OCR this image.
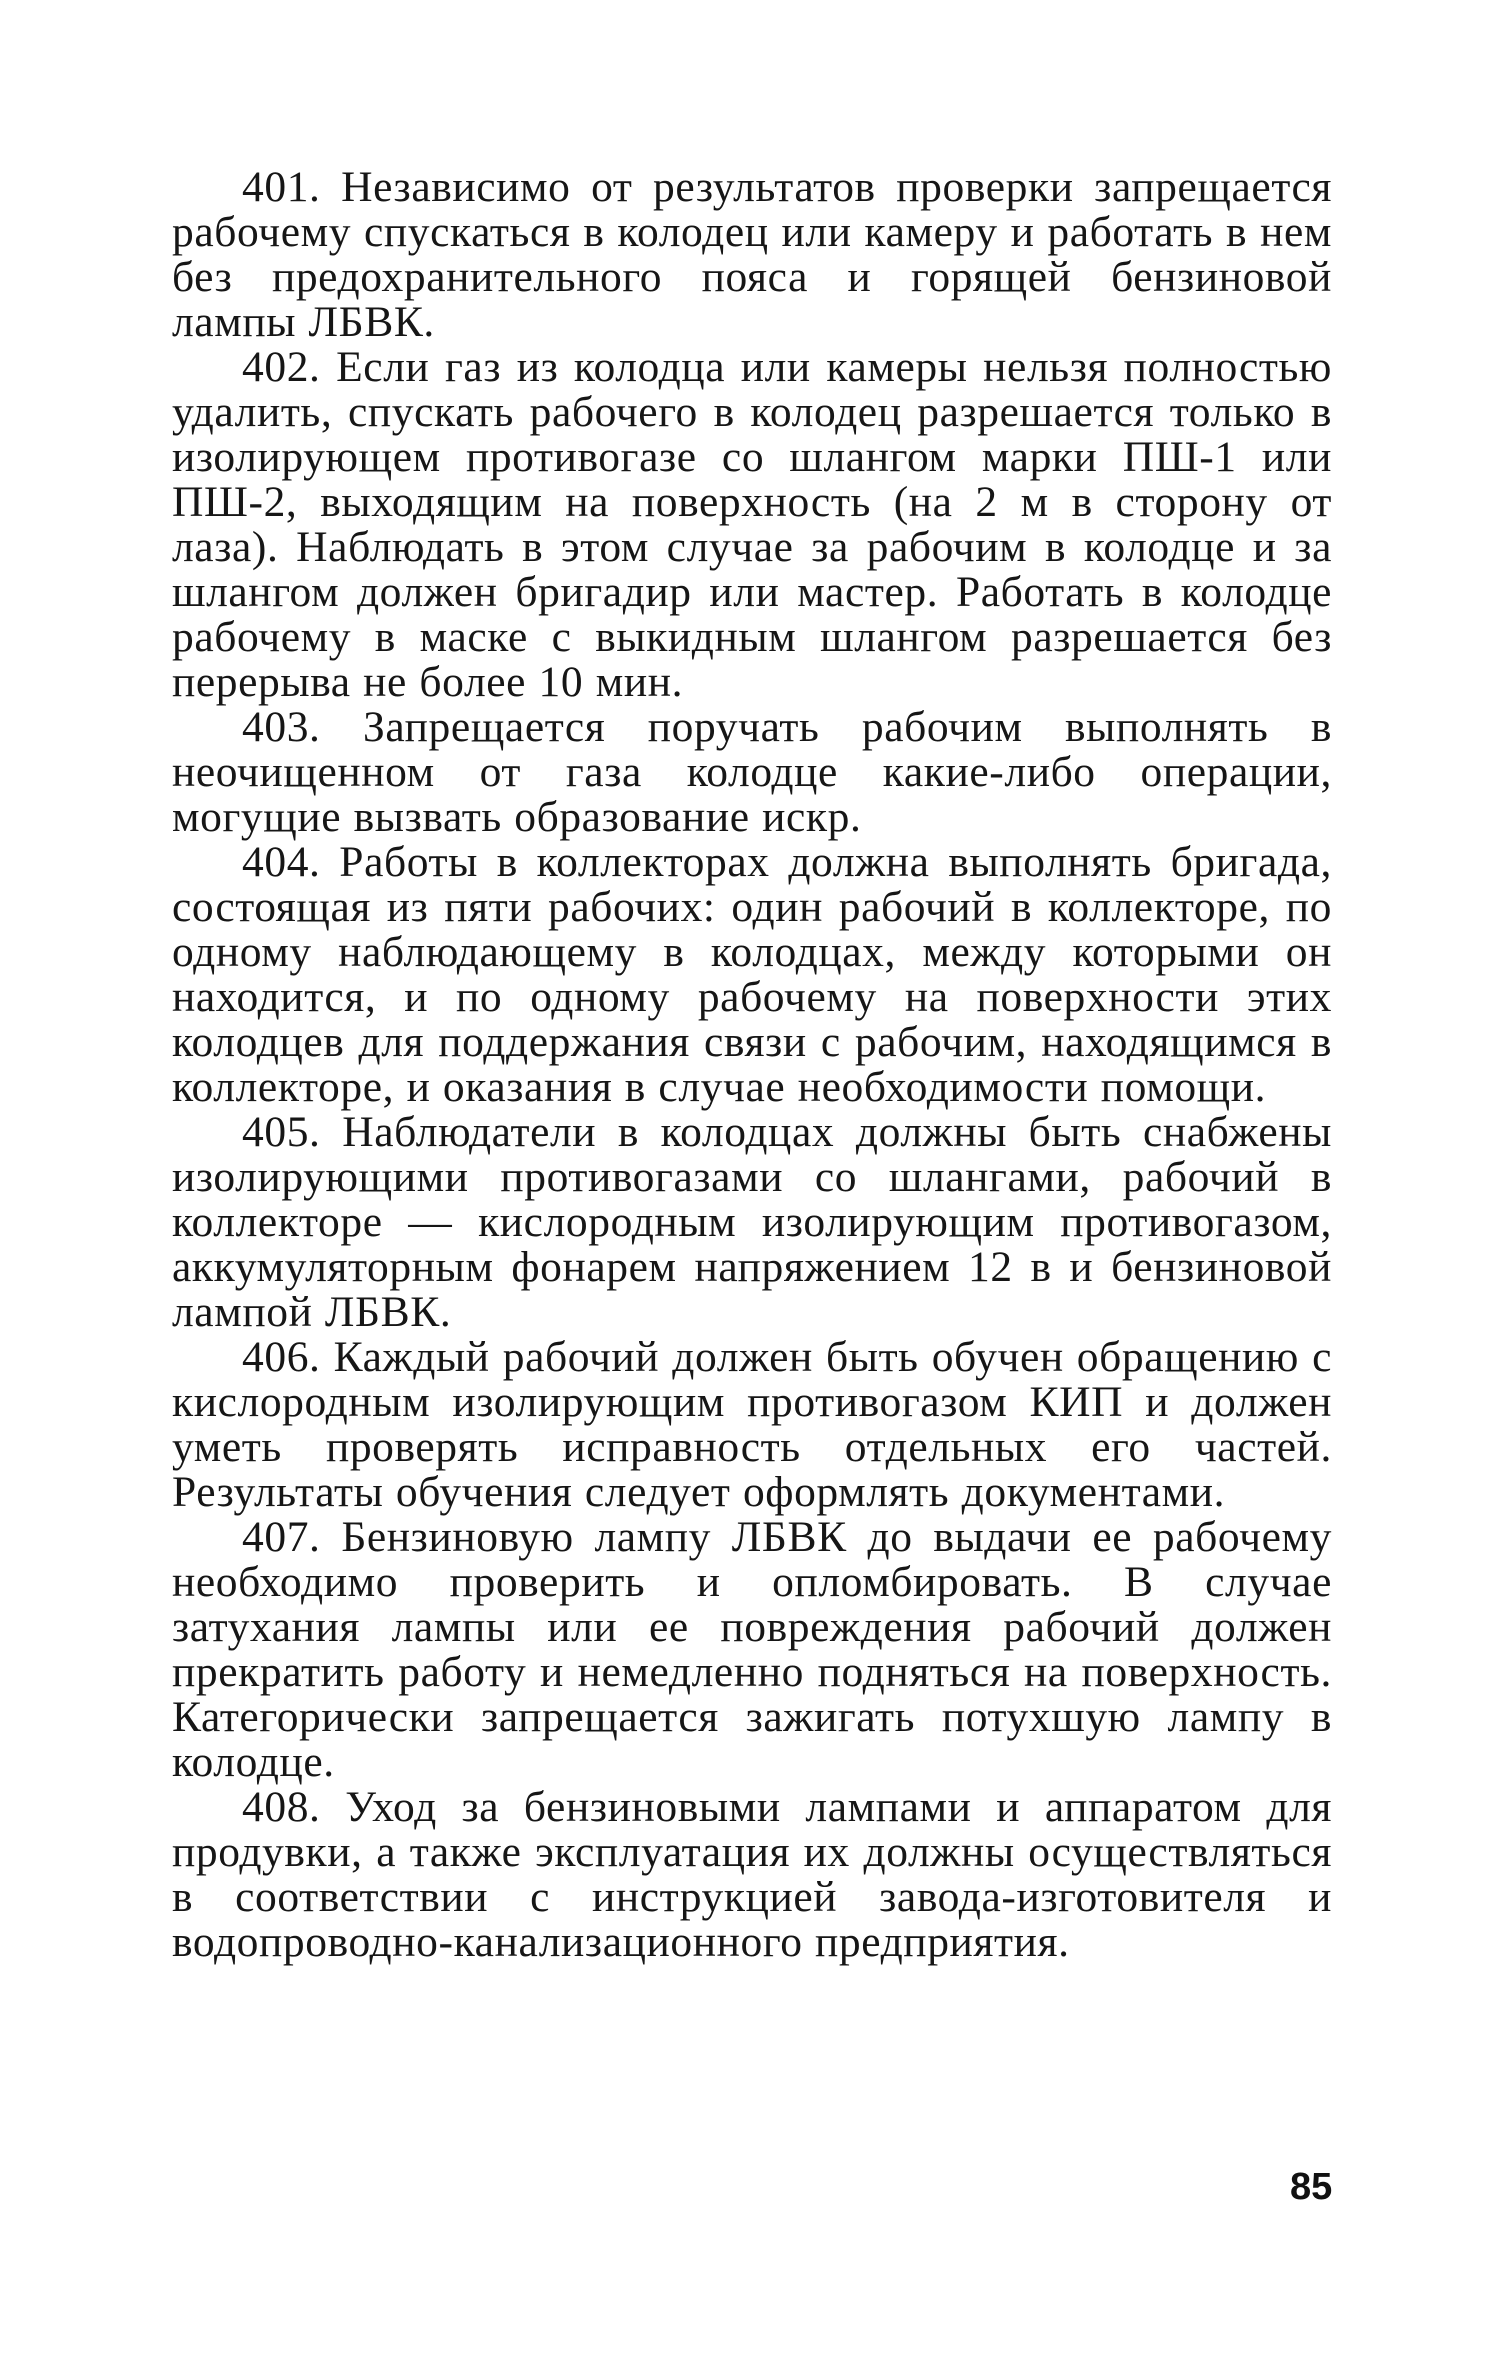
401. Независимо от результатов проверки запрещается рабочему спускаться в колодец или камеру и работать в нем без предохранительного пояса и горящей бензиновой лампы ЛБВК.

402. Если газ из колодца или камеры нельзя полностью удалить, спускать рабочего в колодец разрешается только в изолирующем противогазе со шлангом марки ПШ-1 или ПШ-2, выходящим на поверхность (на 2 м в сторону от лаза). Наблюдать в этом случае за рабочим в колодце и за шлангом должен бригадир или мастер. Работать в колодце рабочему в маске с выкидным шлангом разрешается без перерыва не более 10 мин.

403. Запрещается поручать рабочим выполнять в неочищенном от газа колодце какие-либо операции, могущие вызвать образование искр.

404. Работы в коллекторах должна выполнять бригада, состоящая из пяти рабочих: один рабочий в коллекторе, по одному наблюдающему в колодцах, между которыми он находится, и по одному рабочему на поверхности этих колодцев для поддержания связи с рабочим, находящимся в коллекторе, и оказания в случае необходимости помощи.

405. Наблюдатели в колодцах должны быть снабжены изолирующими противогазами со шлангами, рабочий в коллекторе — кислородным изолирующим противогазом, аккумуляторным фонарем напряжением 12 в и бензиновой лампой ЛБВК.

406. Каждый рабочий должен быть обучен обращению с кислородным изолирующим противогазом КИП и должен уметь проверять исправность отдельных его частей. Результаты обучения следует оформлять документами.

407. Бензиновую лампу ЛБВК до выдачи ее рабочему необходимо проверить и опломбировать. В случае затухания лампы или ее повреждения рабочий должен прекратить работу и немедленно подняться на поверхность. Категорически запрещается зажигать потухшую лампу в колодце.

408. Уход за бензиновыми лампами и аппаратом для продувки, а также эксплуатация их должны осуществляться в соответствии с инструкцией завода-изготовителя и водопроводно-канализационного предприятия.

85
